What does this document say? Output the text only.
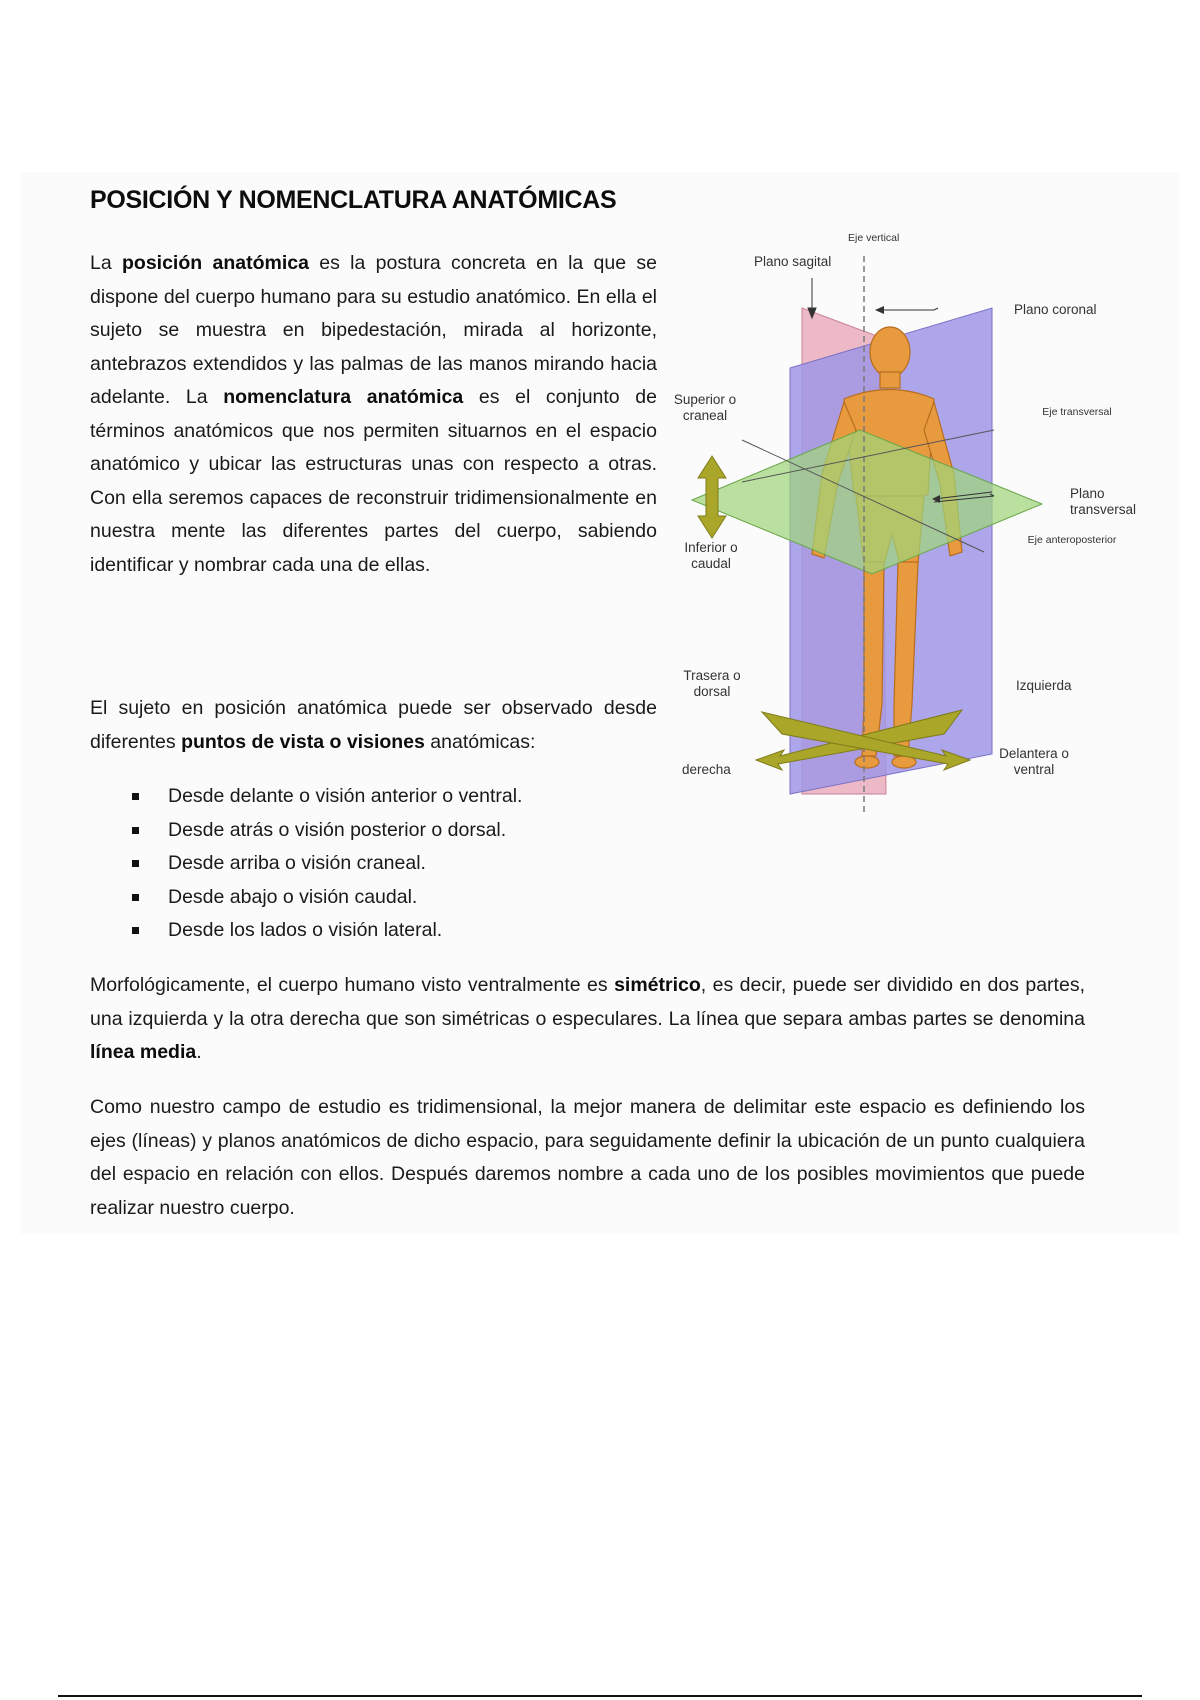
POSICIÓN Y NOMENCLATURA ANATÓMICAS

La posición anatómica es la postura concreta en la que se dispone del cuerpo humano para su estudio anatómico. En ella el sujeto se muestra en bipedestación, mirada al horizonte, antebrazos extendidos y las palmas de las manos mirando hacia adelante. La nomenclatura anatómica es el conjunto de términos anatómicos que nos permiten situarnos en el espacio anatómico y ubicar las estructuras unas con respecto a otras. Con ella seremos capaces de reconstruir tridimensionalmente en nuestra mente las diferentes partes del cuerpo, sabiendo identificar y nombrar cada una de ellas.

El sujeto en posición anatómica puede ser observado desde diferentes puntos de vista o visiones anatómicas:

Desde delante o visión anterior o ventral.
Desde atrás o visión posterior o dorsal.
Desde arriba o visión craneal.
Desde abajo o visión caudal.
Desde los lados o visión lateral.

Morfológicamente, el cuerpo humano visto ventralmente es simétrico, es decir, puede ser dividido en dos partes, una izquierda y la otra derecha que son simétricas o especulares. La línea que separa ambas partes se denomina línea media.

Como nuestro campo de estudio es tridimensional, la mejor manera de delimitar este espacio es definiendo los ejes (líneas) y planos anatómicos de dicho espacio, para seguidamente definir la ubicación de un punto cualquiera del espacio en relación con ellos. Después daremos nombre a cada uno de los posibles movimientos que puede realizar nuestro cuerpo.

Eje vertical
Plano sagital
Plano coronal
Superior o craneal	Eje transversal
Plano transversal
Inferior o caudal
Eje anteroposterior
Trasera o dorsal	Izquierda
derecha
Delantera o ventral
